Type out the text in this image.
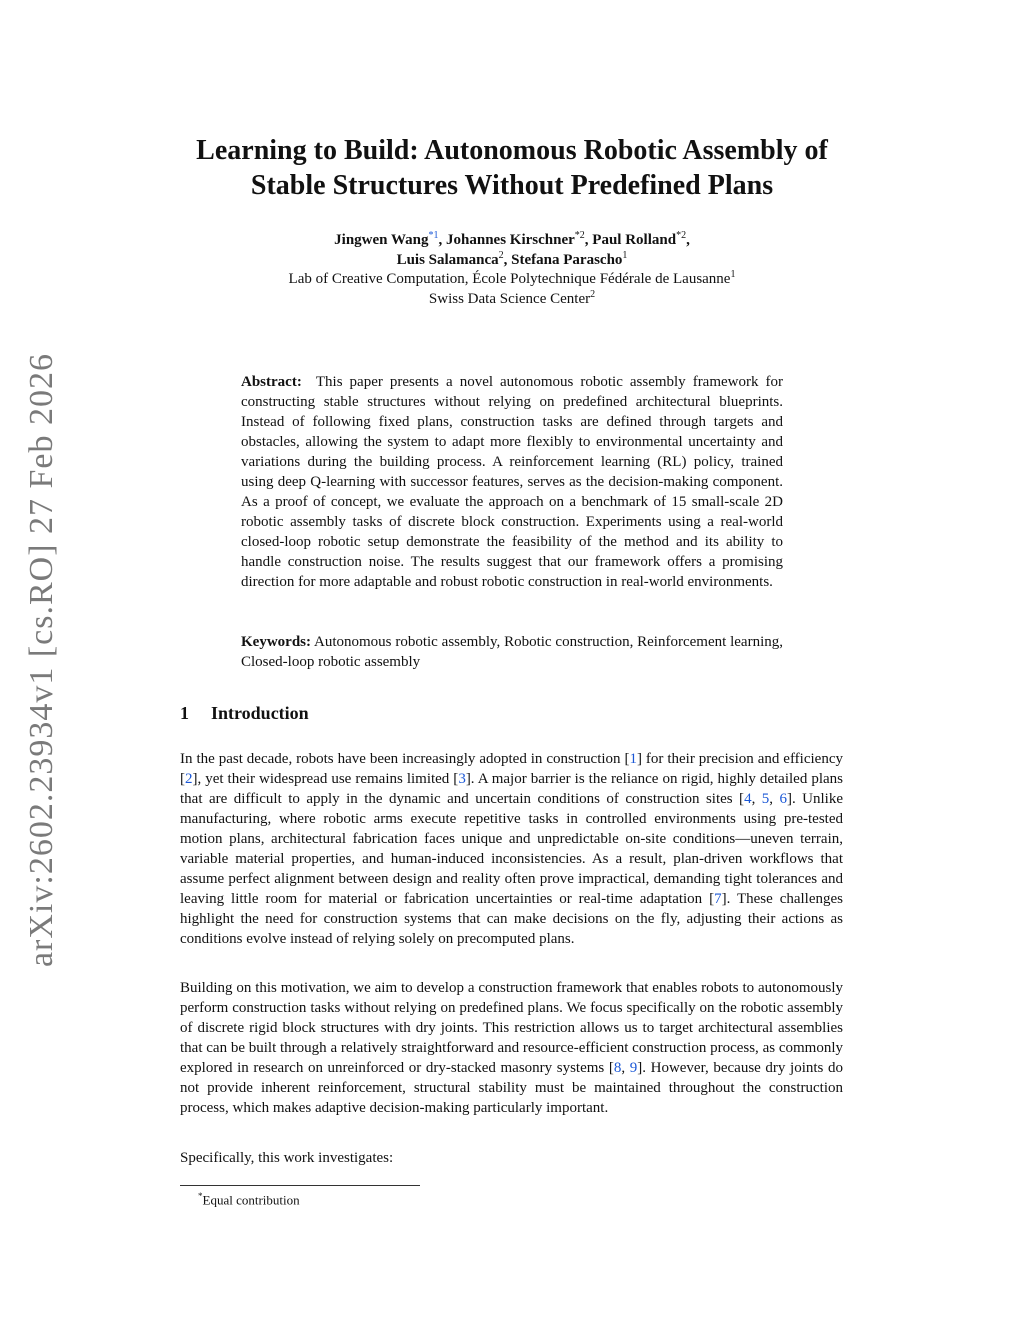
arXiv:2602.23934v1 [cs.RO] 27 Feb 2026
Learning to Build: Autonomous Robotic Assembly of
Stable Structures Without Predefined Plans
Jingwen Wang$^{*1}$, Johannes Kirschner$^{*2}$, Paul Rolland$^{*2}$,
Luis Salamanca$^2$, Stefana Parascho$^1$
Lab of Creative Computation, École Polytechnique Fédérale de Lausanne$^1$
Swiss Data Science Center$^2$
Abstract: This paper presents a novel autonomous robotic assembly framework for constructing stable structures without relying on predefined architectural blueprints. Instead of following fixed plans, construction tasks are defined through targets and obstacles, allowing the system to adapt more flexibly to environmental uncertainty and variations during the building process. A reinforcement learning (RL) policy, trained using deep Q-learning with successor features, serves as the decision-making component. As a proof of concept, we evaluate the approach on a benchmark of 15 small-scale 2D robotic assembly tasks of discrete block construction. Experiments using a real-world closed-loop robotic setup demonstrate the feasibility of the method and its ability to handle construction noise. The results suggest that our framework offers a promising direction for more adaptable and robust robotic construction in real-world environments.
Keywords: Autonomous robotic assembly, Robotic construction, Reinforcement learning, Closed-loop robotic assembly
1 Introduction

In the past decade, robots have been increasingly adopted in construction [1] for their precision and efficiency [2], yet their widespread use remains limited [3]. A major barrier is the reliance on rigid, highly detailed plans that are difficult to apply in the dynamic and uncertain conditions of construction sites [4, 5, 6]. Unlike manufacturing, where robotic arms execute repetitive tasks in controlled environments using pre-tested motion plans, architectural fabrication faces unique and unpredictable on-site conditions—uneven terrain, variable material properties, and human-induced inconsistencies. As a result, plan-driven workflows that assume perfect alignment between design and reality often prove impractical, demanding tight tolerances and leaving little room for material or fabrication uncertainties or real-time adaptation [7]. These challenges highlight the need for construction systems that can make decisions on the fly, adjusting their actions as conditions evolve instead of relying solely on precomputed plans.

Building on this motivation, we aim to develop a construction framework that enables robots to autonomously perform construction tasks without relying on predefined plans. We focus specifically on the robotic assembly of discrete rigid block structures with dry joints. This restriction allows us to target architectural assemblies that can be built through a relatively straightforward and resource-efficient construction process, as commonly explored in research on unreinforced or dry-stacked masonry systems [8, 9]. However, because dry joints do not provide inherent reinforcement, structural stability must be maintained throughout the construction process, which makes adaptive decision-making particularly important.

Specifically, this work investigates:

*Equal contribution
